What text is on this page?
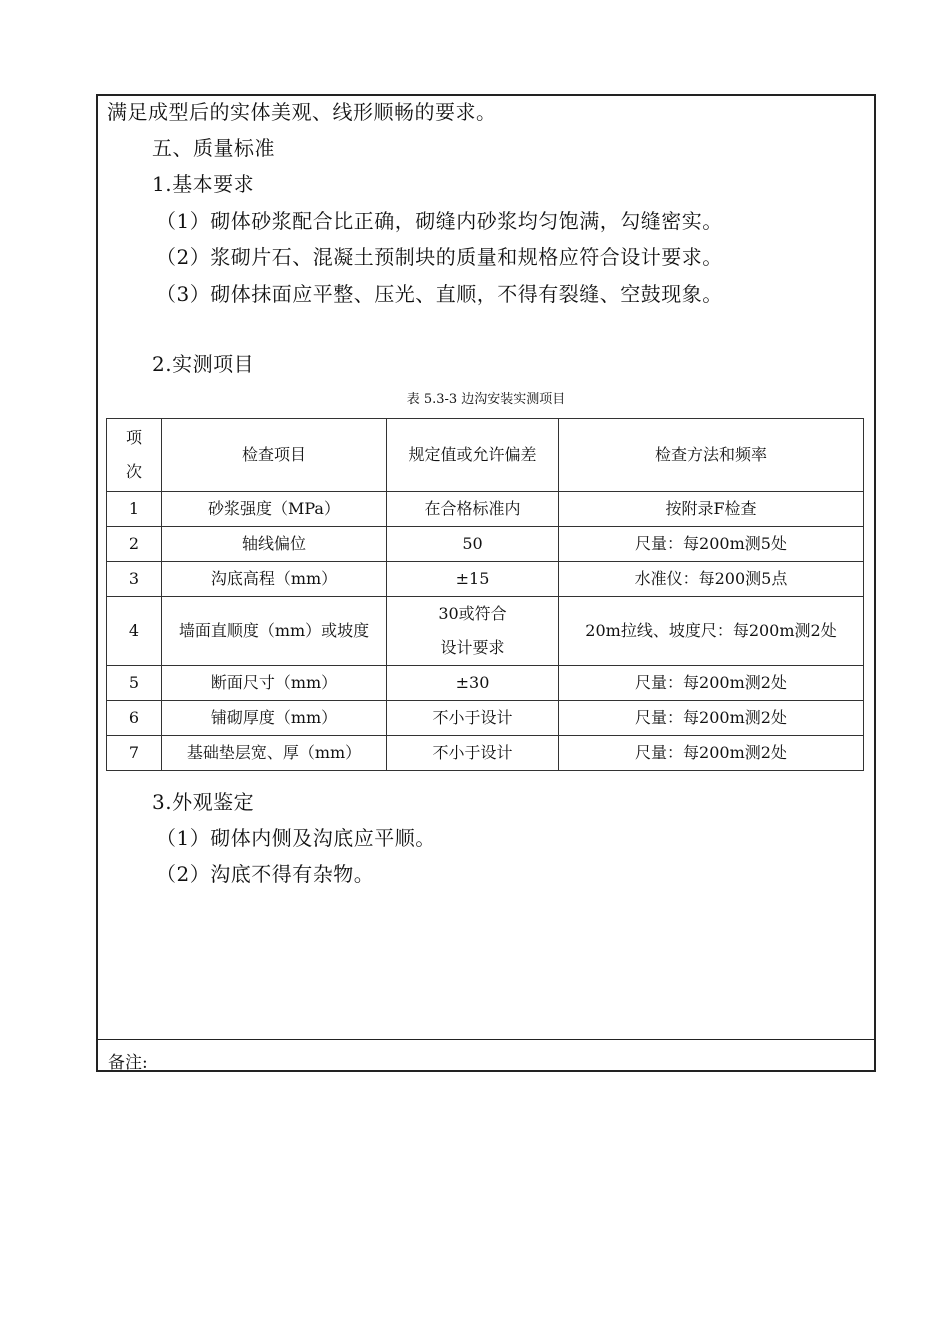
满足成型后的实体美观、线形顺畅的要求。
五、质量标准
1.基本要求
（1）砌体砂浆配合比正确，砌缝内砂浆均匀饱满，勾缝密实。
（2）浆砌片石、混凝土预制块的质量和规格应符合设计要求。
（3）砌体抹面应平整、压光、直顺，不得有裂缝、空鼓现象。
2.实测项目
表 5.3-3 边沟安装实测项目
项
次	检查项目	规定值或允许偏差	检查方法和频率
1	砂浆强度（MPa）	在合格标准内	按附录F检查
2	轴线偏位	50	尺量：每200m测5处
3	沟底高程（mm）	±15	水准仪：每200测5点
4	墙面直顺度（mm）或坡度	30或符合
设计要求	20m拉线、坡度尺：每200m测2处
5	断面尺寸（mm）	±30	尺量：每200m测2处
6	铺砌厚度（mm）	不小于设计	尺量：每200m测2处
7	基础垫层宽、厚（mm）	不小于设计	尺量：每200m测2处
3.外观鉴定
（1）砌体内侧及沟底应平顺。
（2）沟底不得有杂物。
备注:
